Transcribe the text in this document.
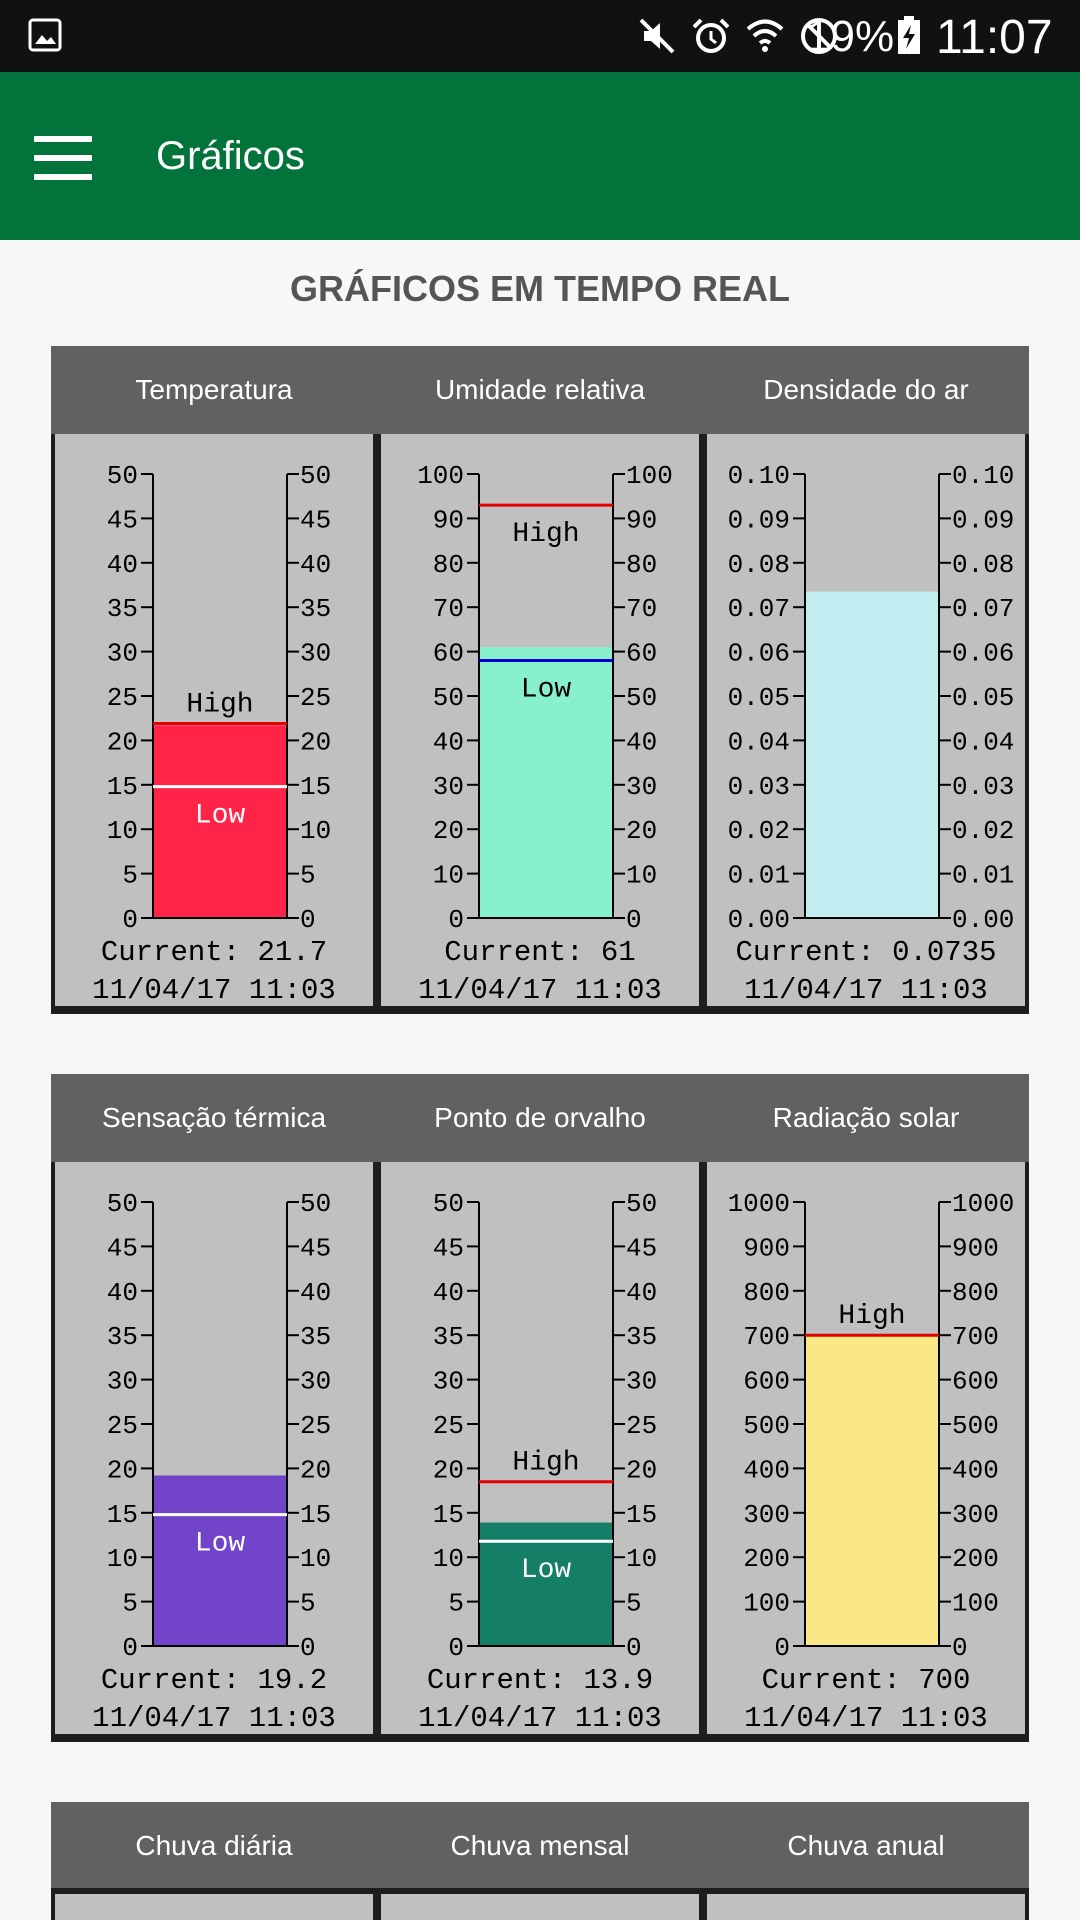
19% 11:07
Gráficos
GRÁFICOS EM TEMPO REAL
Temperatura	Umidade relativa	Densidade do ar
0	0
5	5
10	10
15	15
20	20
25	25
30	30
35	35
40	40
45	45
50	50
High
Low
Current: 21.7
11/04/17 11:03
0	0
10	10
20	20
30	30
40	40
50	50
60	60
70	70
80	80
90	90
100	100
High
Low
Current: 61
11/04/17 11:03
0.00	0.00
0.01	0.01
0.02	0.02
0.03	0.03
0.04	0.04
0.05	0.05
0.06	0.06
0.07	0.07
0.08	0.08
0.09	0.09
0.10	0.10
Current: 0.0735
11/04/17 11:03
Sensação térmica	Ponto de orvalho	Radiação solar
0	0
5	5
10	10
15	15
20	20
25	25
30	30
35	35
40	40
45	45
50	50
Low
Current: 19.2
11/04/17 11:03
0	0
5	5
10	10
15	15
20	20
25	25
30	30
35	35
40	40
45	45
50	50
High
Low
Current: 13.9
11/04/17 11:03
0	0
100	100
200	200
300	300
400	400
500	500
600	600
700	700
800	800
900	900
1000	1000
High
Current: 700
11/04/17 11:03
Chuva diária	Chuva mensal	Chuva anual
